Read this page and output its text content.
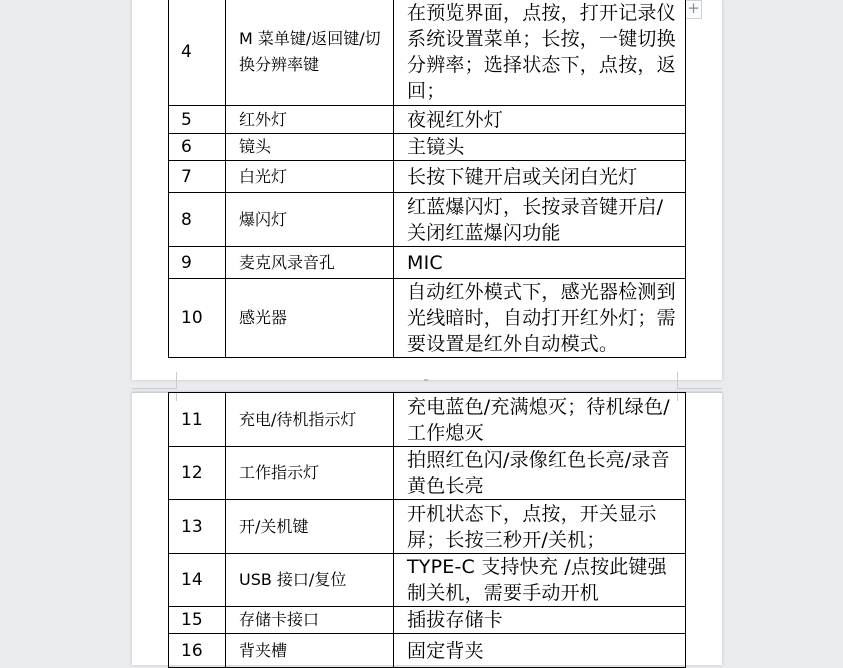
+
4	M 菜单键/返回键/切换分辨率键	在预览界面，点按，打开记录仪系统设置菜单；长按，一键切换分辨率；选择状态下，点按，返回；
5	红外灯	夜视红外灯
6	镜头	主镜头
7	白光灯	长按下键开启或关闭白光灯
8	爆闪灯	红蓝爆闪灯，长按录音键开启/关闭红蓝爆闪功能
9	麦克风录音孔	MIC
10	感光器	自动红外模式下，感光器检测到光线暗时，自动打开红外灯；需要设置是红外自动模式。
11	充电/待机指示灯	充电蓝色/充满熄灭；待机绿色/工作熄灭
12	工作指示灯	拍照红色闪/录像红色长亮/录音黄色长亮
13	开/关机键	开机状态下，点按，开关显示屏；长按三秒开/关机；
14	USB 接口/复位	TYPE-C 支持快充 /点按此键强制关机，需要手动开机
15	存储卡接口	插拔存储卡
16	背夹槽	固定背夹
